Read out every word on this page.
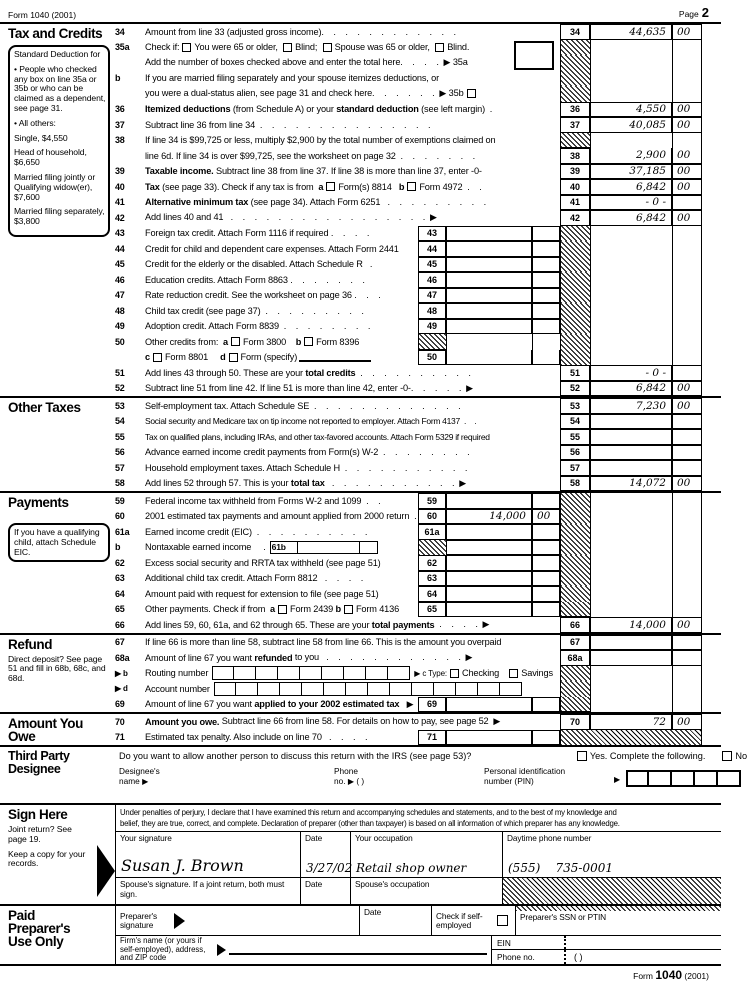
Form 1040 (2001)	Page 2
Tax and Credits

Standard Deduction for

• People who checked any box on line 35a or 35b or who can be claimed as a dependent, see page 31.

• All others:

Single, $4,550

Head of household, $6,650

Married filing jointly or Qualifying widow(er), $7,600

Married filing separately, $3,800

34	Amount from line 33 (adjusted gross income).    .    .    .    .    .    .    .    .    .    .    .	34	44,635	00
35a	Check if: You were 65 or older,
Blind;
Spouse was 65 or older,
Blind.
Add the number of boxes checked above and enter the total here.    .    .    .  ▶ 35a
b	If you are married filing separately and your spouse itemizes deductions, or
you were a dual-status alien, see page 31 and check here.    .    .    .    .    .  ▶ 35b
36	Itemized deductions (from Schedule A) or your standard deduction (see left margin)  .	36	4,550	00
37	Subtract line 36 from line 34  .    .    .    .    .    .    .    .    .    .    .    .    .    .    .	37	40,085	00
38	If line 34 is $99,725 or less, multiply $2,900 by the total number of exemptions claimed on
line 6d. If line 34 is over $99,725, see the worksheet on page 32  .    .    .    .    .    .    .	38	2,900	00
39	Taxable income. Subtract line 38 from line 37. If line 38 is more than line 37, enter -0-	39	37,185	00
40	Tax (see page 33). Check if any tax is from a Form(s) 8814
b Form 4972 .    .	40	6,842	00
41	Alternative minimum tax (see page 34). Attach Form 6251   .    .    .    .    .    .    .    .    .	41	- 0 -
42	Add lines 40 and 41   .    .    .    .    .    .    .    .    .    .    .    .    .    .    .    .    .  ▶	42	6,842	00
43	Foreign tax credit. Attach Form 1116 if required .    .    .    .	43
44	Credit for child and dependent care expenses. Attach Form 2441	44
45	Credit for the elderly or the disabled. Attach Schedule R   .	45
46	Education credits. Attach Form 8863 .    .    .    .    .    .    .	46
47	Rate reduction credit. See the worksheet on page 36 .    .    .	47
48	Child tax credit (see page 37)  .    .    .    .    .    .    .    .    .	48
49	Adoption credit. Attach Form 8839  .    .    .    .    .    .    .    .	49
50	Other credits from: a Form 3800
b Form 8396
c Form 8801
d Form (specify)	50
51	Add lines 43 through 50. These are your total credits .    .    .    .    .    .    .    .    .    .	51	- 0 -
52	Subtract line 51 from line 42. If line 51 is more than line 42, enter -0-.    .    .    .    .  ▶	52	6,842	00
Other Taxes	53	Self-employment tax. Attach Schedule SE  .    .    .    .    .    .    .    .    .    .    .    .    .	53	7,230	00
54	Social security and Medicare tax on tip income not reported to employer. Attach Form 4137  .    .	54
55	Tax on qualified plans, including IRAs, and other tax-favored accounts. Attach Form 5329 if required	55
56	Advance earned income credit payments from Form(s) W-2  .    .    .    .    .    .    .    .	56
57	Household employment taxes. Attach Schedule H  .    .    .    .    .    .    .    .    .    .    .	57
58	Add lines 52 through 57. This is your total tax .    .    .    .    .    .    .    .    .    .    .  ▶	58	14,072	00
Payments

If you have a qualifying child, attach Schedule EIC.

59	Federal income tax withheld from Forms W-2 and 1099  .    .	59
60	2001 estimated tax payments and amount applied from 2000 return  .	60	14,000	00
61a	Earned income credit (EIC)  .    .    .    .    .    .    .    .    .    .	61a
b	Nontaxable earned income     . 61b
62	Excess social security and RRTA tax withheld (see page 51)	62
63	Additional child tax credit. Attach Form 8812   .    .    .    .	63
64	Amount paid with request for extension to file (see page 51)	64
65	Other payments. Check if from a Form 2439
b Form 4136	65
66	Add lines 59, 60, 61a, and 62 through 65. These are your total payments .    .    .    .  ▶	66	14,000	00
Refund

Direct deposit? See page 51 and fill in 68b, 68c, and 68d.

67	If line 66 is more than line 58, subtract line 58 from line 66. This is the amount you overpaid	67
68a	Amount of line 67 you want refunded to you   .    .    .    .    .    .    .    .    .    .    .    .  ▶	68a
▶ b	Routing number	▶ c Type: Checking
Savings
▶ d	Account number
69	Amount of line 67 you want applied to your 2002 estimated tax ▶	69
Amount You Owe
70	Amount you owe. Subtract line 66 from line 58. For details on how to pay, see page 52  ▶	70	72	00
71	Estimated tax penalty. Also include on line 70   .    .    .    .	71
Third Party Designee
Do you want to allow another person to discuss this return with the IRS (see page 53)?	Yes. Complete the following.	No
Designee's
name ▶
Phone
no. ▶ ( )
Personal identification
number (PIN)	▶
Sign Here

Joint return? See page 19.

Keep a copy for your records.

Under penalties of perjury, I declare that I have examined this return and accompanying schedules and statements, and to the best of my knowledge and
belief, they are true, correct, and complete. Declaration of preparer (other than taxpayer) is based on all information of which preparer has any knowledge.
Your signature
Susan J. Brown
Date
3/27/02
Your occupation
Retail shop owner
Daytime phone number
(555)    735-0001
Spouse's signature. If a joint return, both must sign.
Date	Spouse's occupation
Paid Preparer's Use Only
Preparer's signature
Date	Check if self-employed
Preparer's SSN or PTIN
Firm's name (or yours if self-employed), address, and ZIP code
EIN
Phone no.	( )
Form 1040 (2001)
